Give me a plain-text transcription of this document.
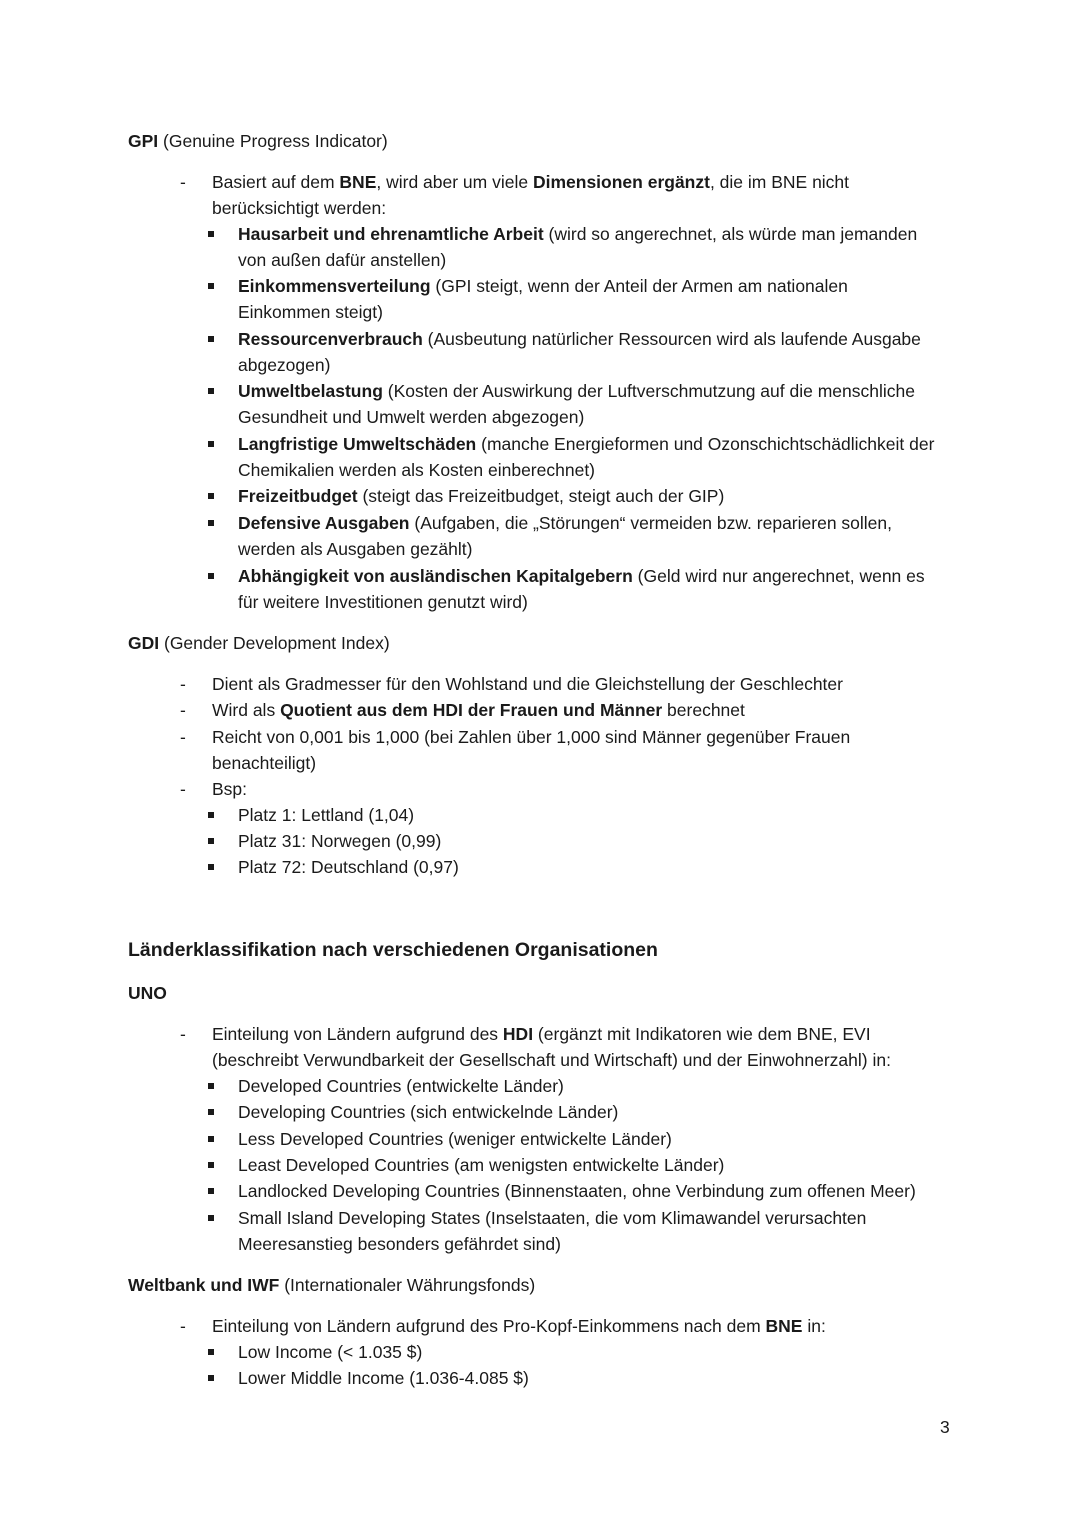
GPI (Genuine Progress Indicator)
- Basiert auf dem BNE, wird aber um viele Dimensionen ergänzt, die im BNE nicht
berücksichtigt werden:
Hausarbeit und ehrenamtliche Arbeit (wird so angerechnet, als würde man jemanden
von außen dafür anstellen)
Einkommensverteilung (GPI steigt, wenn der Anteil der Armen am nationalen
Einkommen steigt)
Ressourcenverbrauch (Ausbeutung natürlicher Ressourcen wird als laufende Ausgabe
abgezogen)
Umweltbelastung (Kosten der Auswirkung der Luftverschmutzung auf die menschliche
Gesundheit und Umwelt werden abgezogen)
Langfristige Umweltschäden (manche Energieformen und Ozonschichtschädlichkeit der
Chemikalien werden als Kosten einberechnet)
Freizeitbudget (steigt das Freizeitbudget, steigt auch der GIP)
Defensive Ausgaben (Aufgaben, die „Störungen“ vermeiden bzw. reparieren sollen,
werden als Ausgaben gezählt)
Abhängigkeit von ausländischen Kapitalgebern (Geld wird nur angerechnet, wenn es
für weitere Investitionen genutzt wird)
GDI (Gender Development Index)
- Dient als Gradmesser für den Wohlstand und die Gleichstellung der Geschlechter
- Wird als Quotient aus dem HDI der Frauen und Männer berechnet
- Reicht von 0,001 bis 1,000 (bei Zahlen über 1,000 sind Männer gegenüber Frauen
benachteiligt)
- Bsp:
Platz 1: Lettland (1,04)
Platz 31: Norwegen (0,99)
Platz 72: Deutschland (0,97)
Länderklassifikation nach verschiedenen Organisationen
UNO
- Einteilung von Ländern aufgrund des HDI (ergänzt mit Indikatoren wie dem BNE, EVI
(beschreibt Verwundbarkeit der Gesellschaft und Wirtschaft) und der Einwohnerzahl) in:
Developed Countries (entwickelte Länder)
Developing Countries (sich entwickelnde Länder)
Less Developed Countries (weniger entwickelte Länder)
Least Developed Countries (am wenigsten entwickelte Länder)
Landlocked Developing Countries (Binnenstaaten, ohne Verbindung zum offenen Meer)
Small Island Developing States (Inselstaaten, die vom Klimawandel verursachten
Meeresanstieg besonders gefährdet sind)
Weltbank und IWF (Internationaler Währungsfonds)
- Einteilung von Ländern aufgrund des Pro-Kopf-Einkommens nach dem BNE in:
Low Income (< 1.035 $)
Lower Middle Income (1.036-4.085 $)
3
